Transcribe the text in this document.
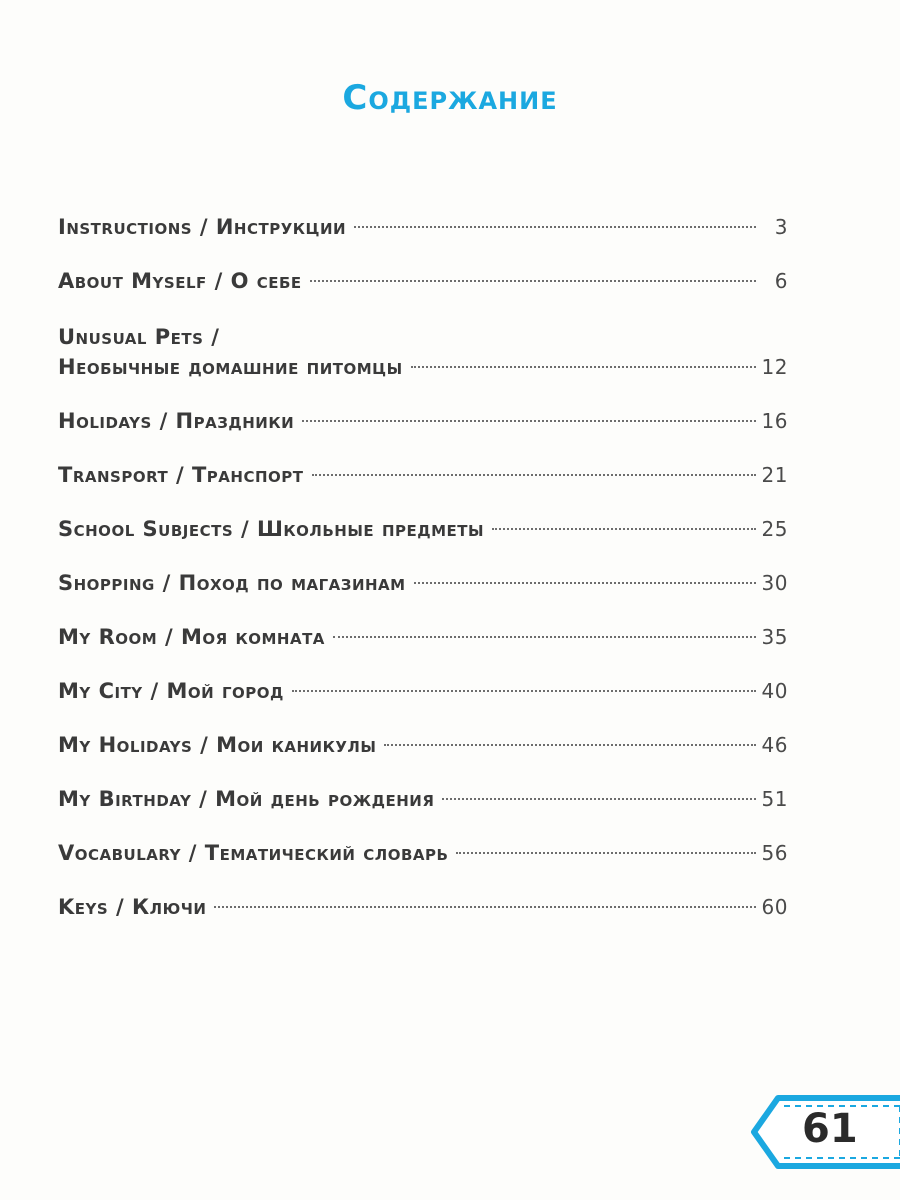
Содержание
Instructions / Инструкции	3
About Myself / О себе	6
Unusual Pets /
Необычные домашние питомцы	12
Holidays / Праздники	16
Transport / Транспорт	21
School Subjects / Школьные предметы	25
Shopping / Поход по магазинам	30
My Room / Моя комната	35
My City / Мой город	40
My Holidays / Мои каникулы	46
My Birthday / Мой день рождения	51
Vocabulary / Тематический словарь	56
Keys / Ключи	60
61
